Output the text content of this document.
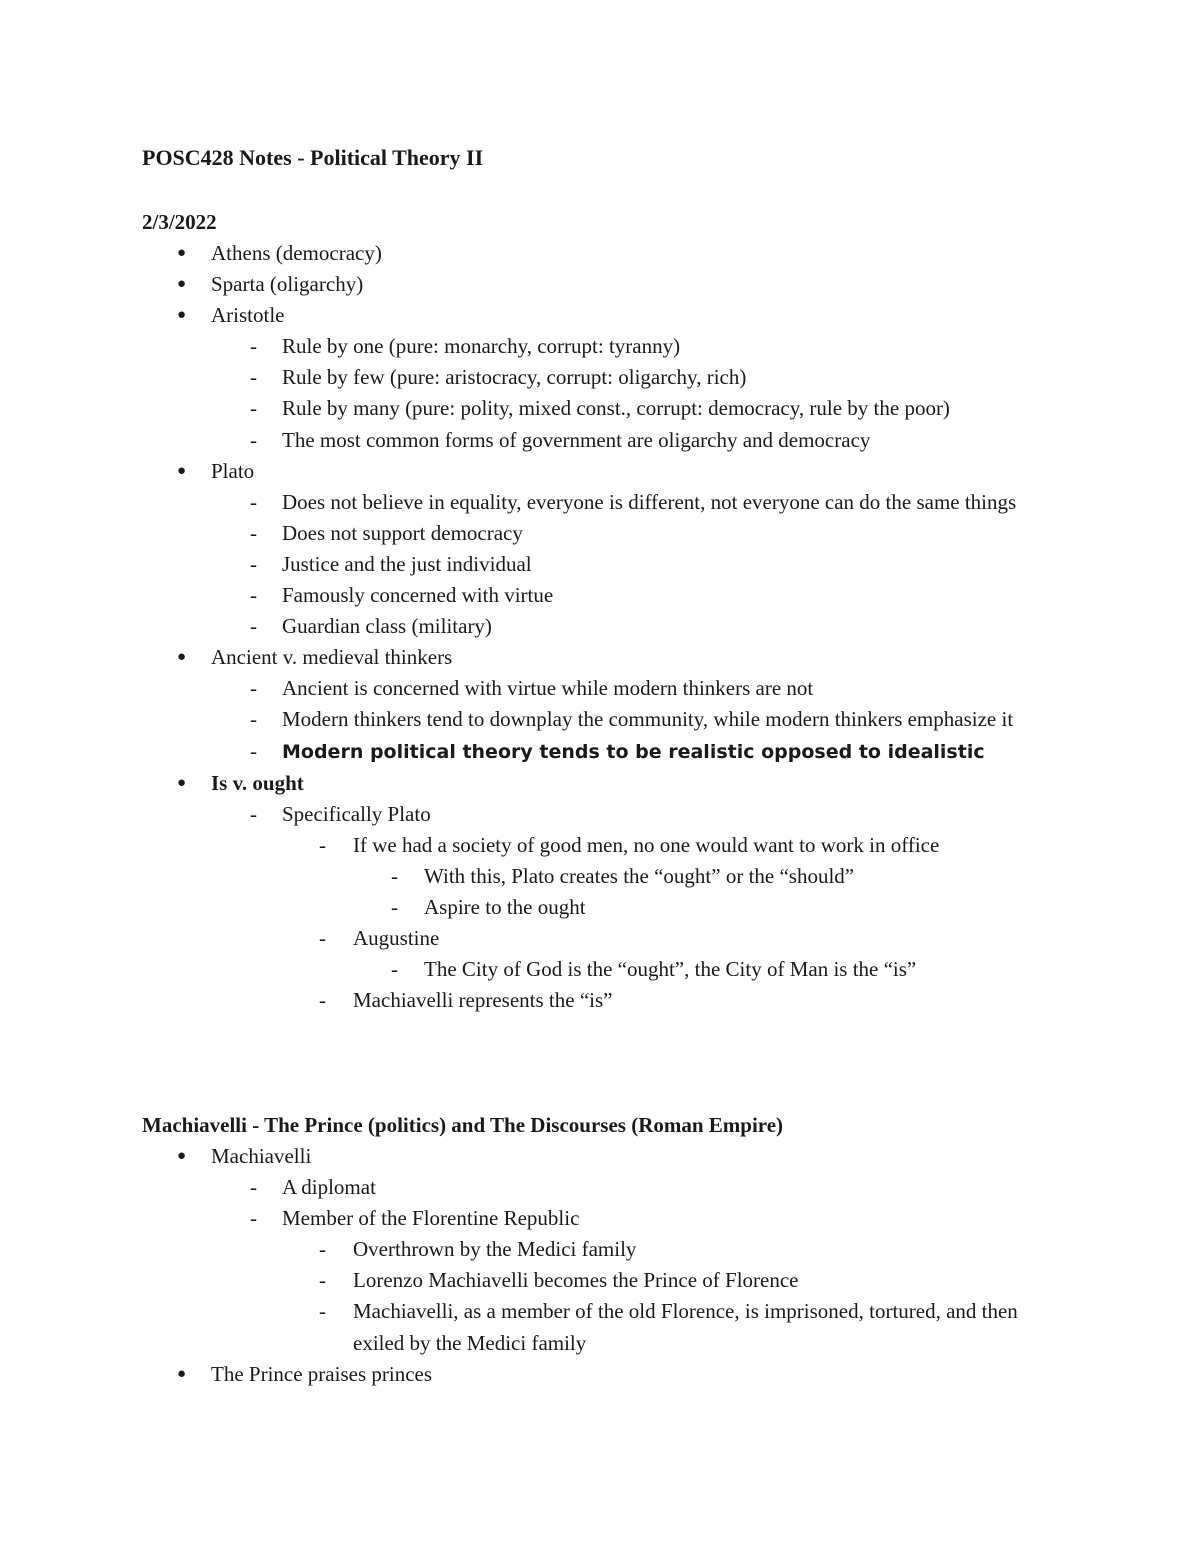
POSC428 Notes - Political Theory II
2/3/2022
● Athens (democracy)
● Sparta (oligarchy)
● Aristotle
- Rule by one (pure: monarchy, corrupt: tyranny)
- Rule by few (pure: aristocracy, corrupt: oligarchy, rich)
- Rule by many (pure: polity, mixed const., corrupt: democracy, rule by the poor)
- The most common forms of government are oligarchy and democracy
● Plato
- Does not believe in equality, everyone is different, not everyone can do the same things
- Does not support democracy
- Justice and the just individual
- Famously concerned with virtue
- Guardian class (military)
● Ancient v. medieval thinkers
- Ancient is concerned with virtue while modern thinkers are not
- Modern thinkers tend to downplay the community, while modern thinkers emphasize it
- Modern political theory tends to be realistic opposed to idealistic
● Is v. ought
- Specifically Plato
- If we had a society of good men, no one would want to work in office
- With this, Plato creates the “ought” or the “should”
- Aspire to the ought
- Augustine
- The City of God is the “ought”, the City of Man is the “is”
- Machiavelli represents the “is”
Machiavelli - The Prince (politics) and The Discourses (Roman Empire)
● Machiavelli
- A diplomat
- Member of the Florentine Republic
- Overthrown by the Medici family
- Lorenzo Machiavelli becomes the Prince of Florence
- Machiavelli, as a member of the old Florence, is imprisoned, tortured, and then exiled by the Medici family
● The Prince praises princes
